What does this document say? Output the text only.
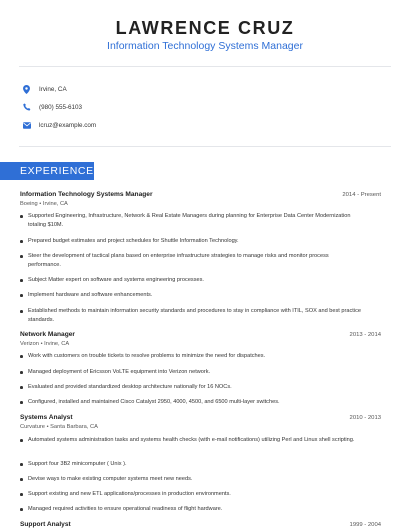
LAWRENCE CRUZ
Information Technology Systems Manager
Irvine, CA
(980) 555-6103
lcruz@example.com
EXPERIENCE
Information Technology Systems Manager	2014 - Present
Boeing • Irvine, CA
Supported Engineering, Infrastructure, Network & Real Estate Managers during planning for Enterprise Data Center Modernization totaling $10M.
Prepared budget estimates and project schedules for Shuttle Information Technology.
Steer the development of tactical plans based on enterprise infrastructure strategies to manage risks and monitor process performance.
Subject Matter expert on software and systems engineering processes.
Implement hardware and software enhancements.
Established methods to maintain information security standards and procedures to stay in compliance with ITIL, SOX and best practice standards.
Network Manager	2013 - 2014
Verizon • Irvine, CA
Work with customers on trouble tickets to resolve problems to minimize the need for dispatches.
Managed deployment of Ericsson VoLTE equipment into Verizon network.
Evaluated and provided standardized desktop architecture nationally for 16 NOCs.
Configured, installed and maintained Cisco Catalyst 2950, 4000, 4500, and 6500 multi-layer switches.
Systems Analyst	2010 - 2013
Curvature • Santa Barbara, CA
Automated systems administration tasks and systems health checks (with e-mail notifications) utilizing Perl and Linux shell scripting.
Support four 3B2 minicomputer ( Unix ).
Devise ways to make existing computer systems meet new needs.
Support existing and new ETL applications/processes in production environments.
Managed required activities to ensure operational readiness of flight hardware.
Support Analyst	1999 - 2004
